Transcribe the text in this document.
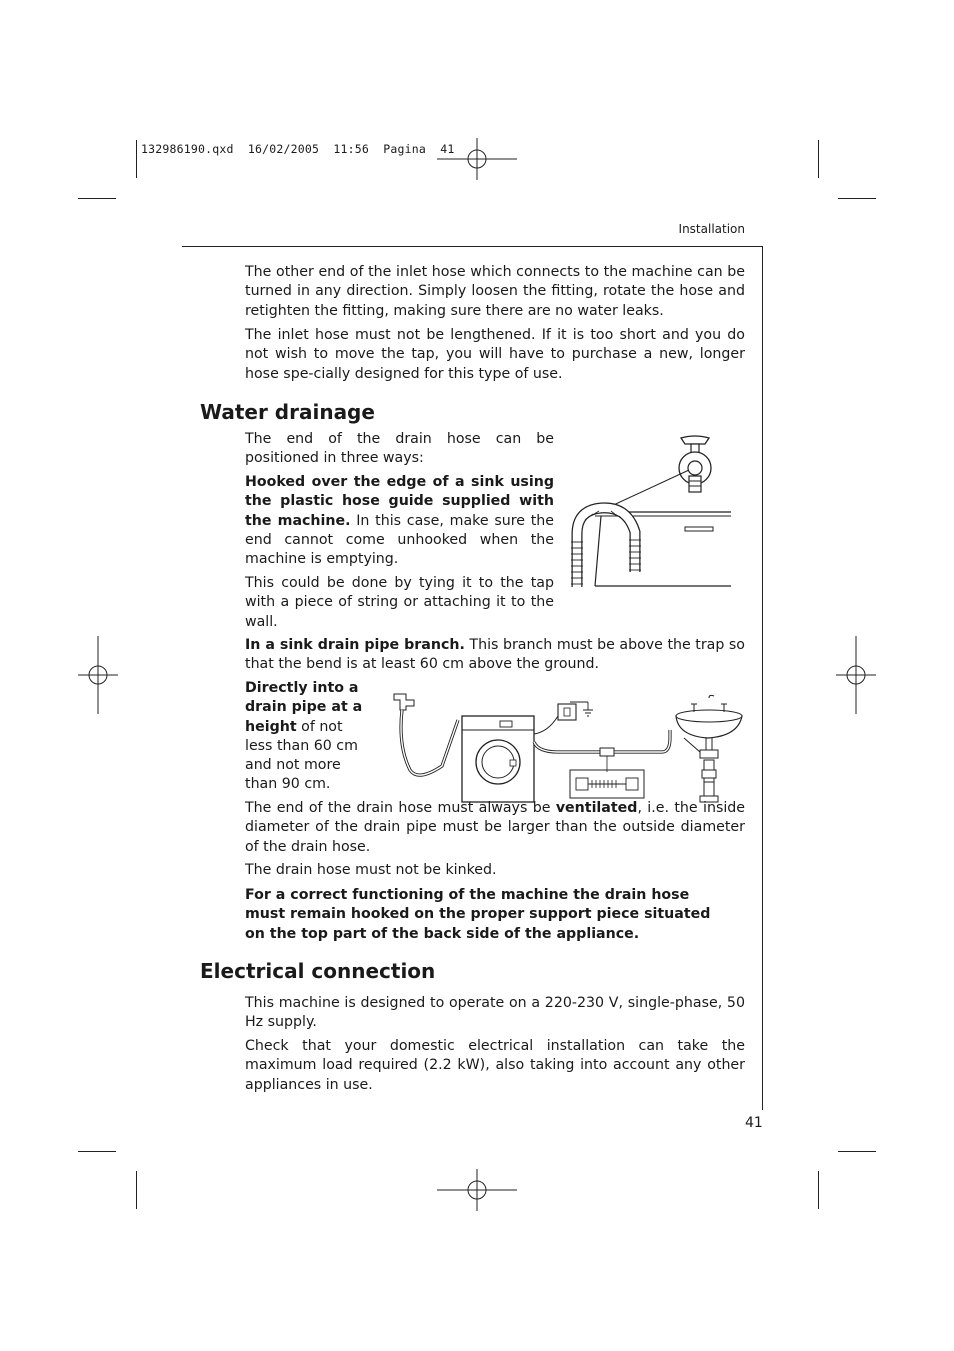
132986190.qxd  16/02/2005  11:56  Pagina  41
Installation

The other end of the inlet hose which connects to the machine can be turned in any direction. Simply loosen the fitting, rotate the hose and retighten the fitting, making sure there are no water leaks.

The inlet hose must not be lengthened. If it is too short and you do not wish to move the tap, you will have to purchase a new, longer hose spe-cially designed for this type of use.

Water drainage

The end of the drain hose can be positioned in three ways:

Hooked over the edge of a sink using the plastic hose guide supplied with the machine. In this case, make sure the end cannot come unhooked when the machine is emptying.

This could be done by tying it to the tap with a piece of string or attaching it to the wall.

In a sink drain pipe branch. This branch must be above the trap so that the bend is at least 60 cm above the ground.

Directly into a drain pipe at a height of not less than 60 cm and not more than 90 cm.

The end of the drain hose must always be ventilated, i.e. the inside diameter of the drain pipe must be larger than the outside diameter of the drain hose.

The drain hose must not be kinked.

For a correct functioning of the machine the drain hose must remain hooked on the proper support piece situated on the top part of the back side of the appliance.

Electrical connection

This machine is designed to operate on a 220-230 V, single-phase, 50 Hz supply.

Check that your domestic electrical installation can take the maximum load required (2.2 kW), also taking into account any other appliances in use.

41
